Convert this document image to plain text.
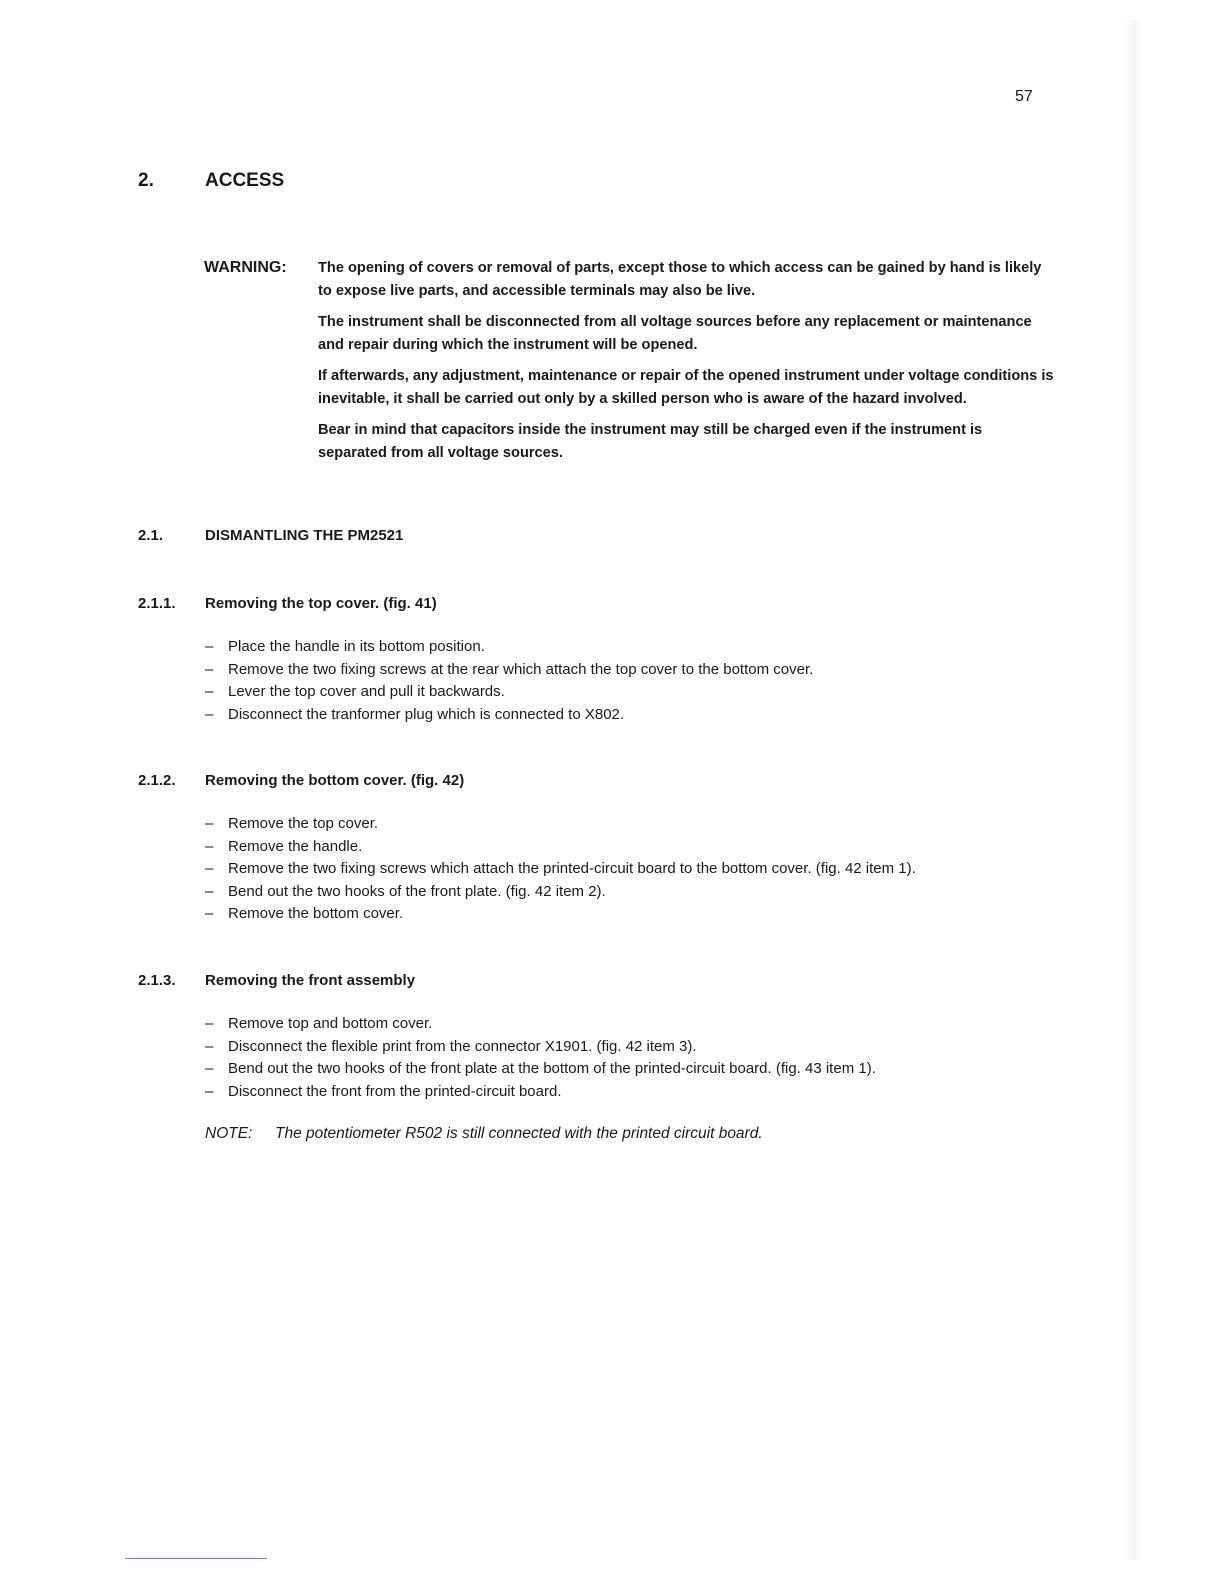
57
2.	ACCESS
WARNING: The opening of covers or removal of parts, except those to which access can be gained by hand is likely to expose live parts, and accessible terminals may also be live.

The instrument shall be disconnected from all voltage sources before any replacement or maintenance and repair during which the instrument will be opened.

If afterwards, any adjustment, maintenance or repair of the opened instrument under voltage conditions is inevitable, it shall be carried out only by a skilled person who is aware of the hazard involved.

Bear in mind that capacitors inside the instrument may still be charged even if the instrument is separated from all voltage sources.

2.1.	DISMANTLING THE PM2521
2.1.1. Removing the top cover. (fig. 41)
– Place the handle in its bottom position.
– Remove the two fixing screws at the rear which attach the top cover to the bottom cover.
– Lever the top cover and pull it backwards.
– Disconnect the tranformer plug which is connected to X802.
2.1.2. Removing the bottom cover. (fig. 42)
– Remove the top cover.
– Remove the handle.
– Remove the two fixing screws which attach the printed-circuit board to the bottom cover. (fig. 42 item 1).
– Bend out the two hooks of the front plate. (fig. 42 item 2).
– Remove the bottom cover.
2.1.3. Removing the front assembly
– Remove top and bottom cover.
– Disconnect the flexible print from the connector X1901. (fig. 42 item 3).
– Bend out the two hooks of the front plate at the bottom of the printed-circuit board. (fig. 43 item 1).
– Disconnect the front from the printed-circuit board.
NOTE: The potentiometer R502 is still connected with the printed circuit board.
